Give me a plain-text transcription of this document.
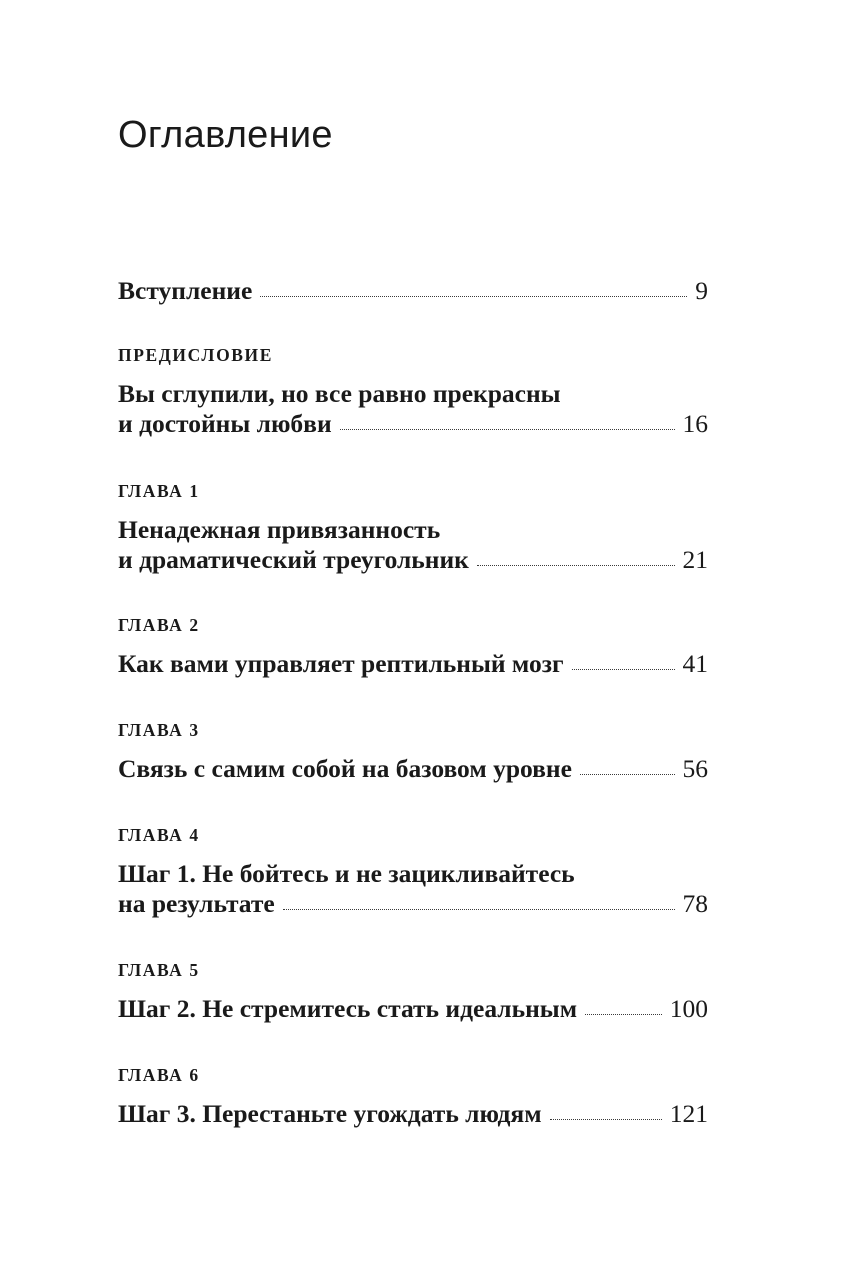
Оглавление
Вступление	9
ПРЕДИСЛОВИЕ
Вы сглупили, но все равно прекрасны
и достойны любви	16
ГЛАВА 1
Ненадежная привязанность
и драматический треугольник	21
ГЛАВА 2
Как вами управляет рептильный мозг	41
ГЛАВА 3
Связь с самим собой на базовом уровне	56
ГЛАВА 4
Шаг 1. Не бойтесь и не зацикливайтесь
на результате	78
ГЛАВА 5
Шаг 2. Не стремитесь стать идеальным	100
ГЛАВА 6
Шаг 3. Перестаньте угождать людям	121
